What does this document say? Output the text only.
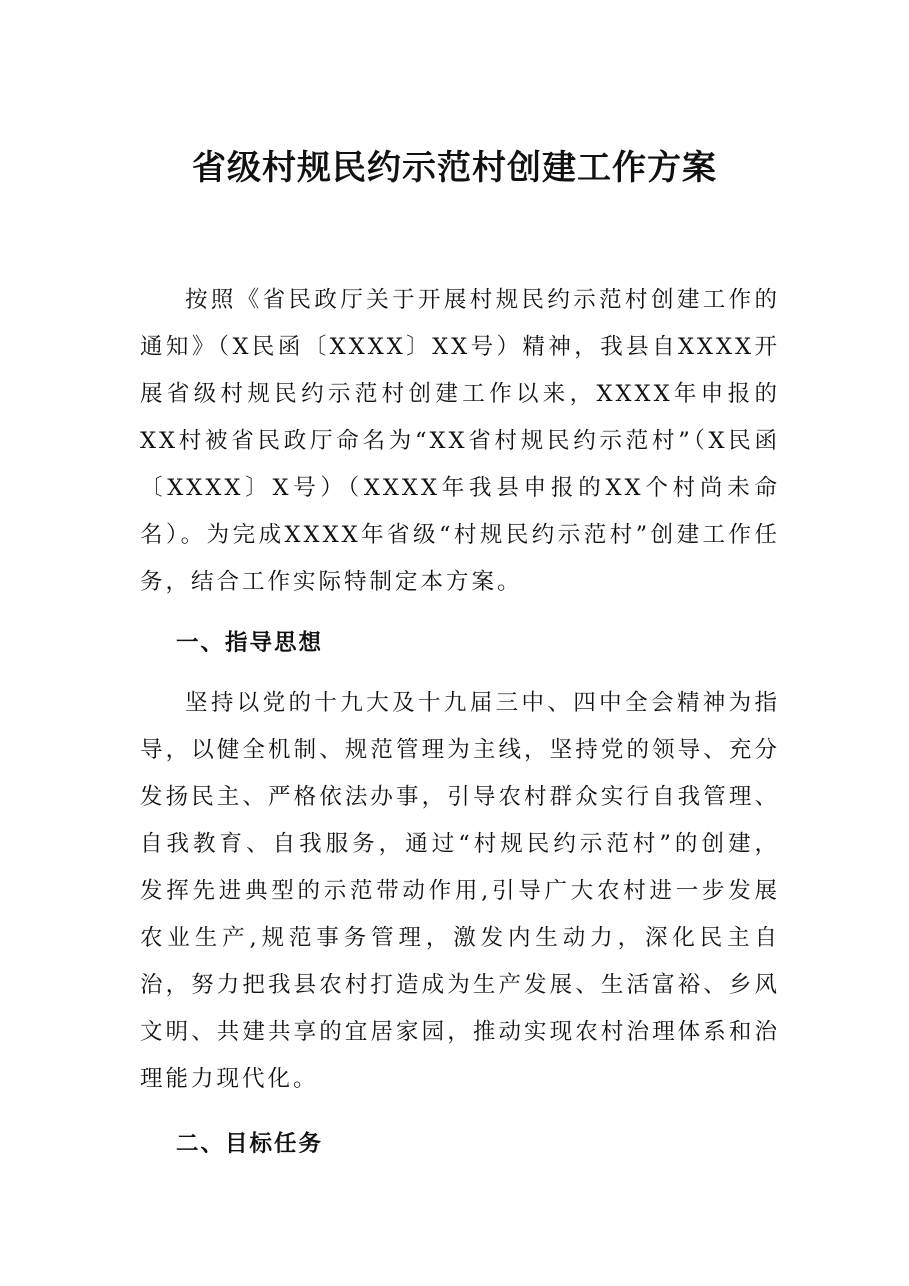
省级村规民约示范村创建工作方案

按照《省民政厅关于开展村规民约示范村创建工作的通知》（X民函〔XXXX〕XX号）精神，我县自XXXX开展省级村规民约示范村创建工作以来，XXXX年申报的XX村被省民政厅命名为“XX省村规民约示范村”（X民函〔XXXX〕X号）（XXXX年我县申报的XX个村尚未命名）。为完成XXXX年省级“村规民约示范村”创建工作任务，结合工作实际特制定本方案。

一、指导思想

坚持以党的十九大及十九届三中、四中全会精神为指导，以健全机制、规范管理为主线，坚持党的领导、充分发扬民主、严格依法办事，引导农村群众实行自我管理、自我教育、自我服务，通过“村规民约示范村”的创建，发挥先进典型的示范带动作用,引导广大农村进一步发展农业生产,规范事务管理，激发内生动力，深化民主自治，努力把我县农村打造成为生产发展、生活富裕、乡风文明、共建共享的宜居家园，推动实现农村治理体系和治理能力现代化。

二、目标任务
